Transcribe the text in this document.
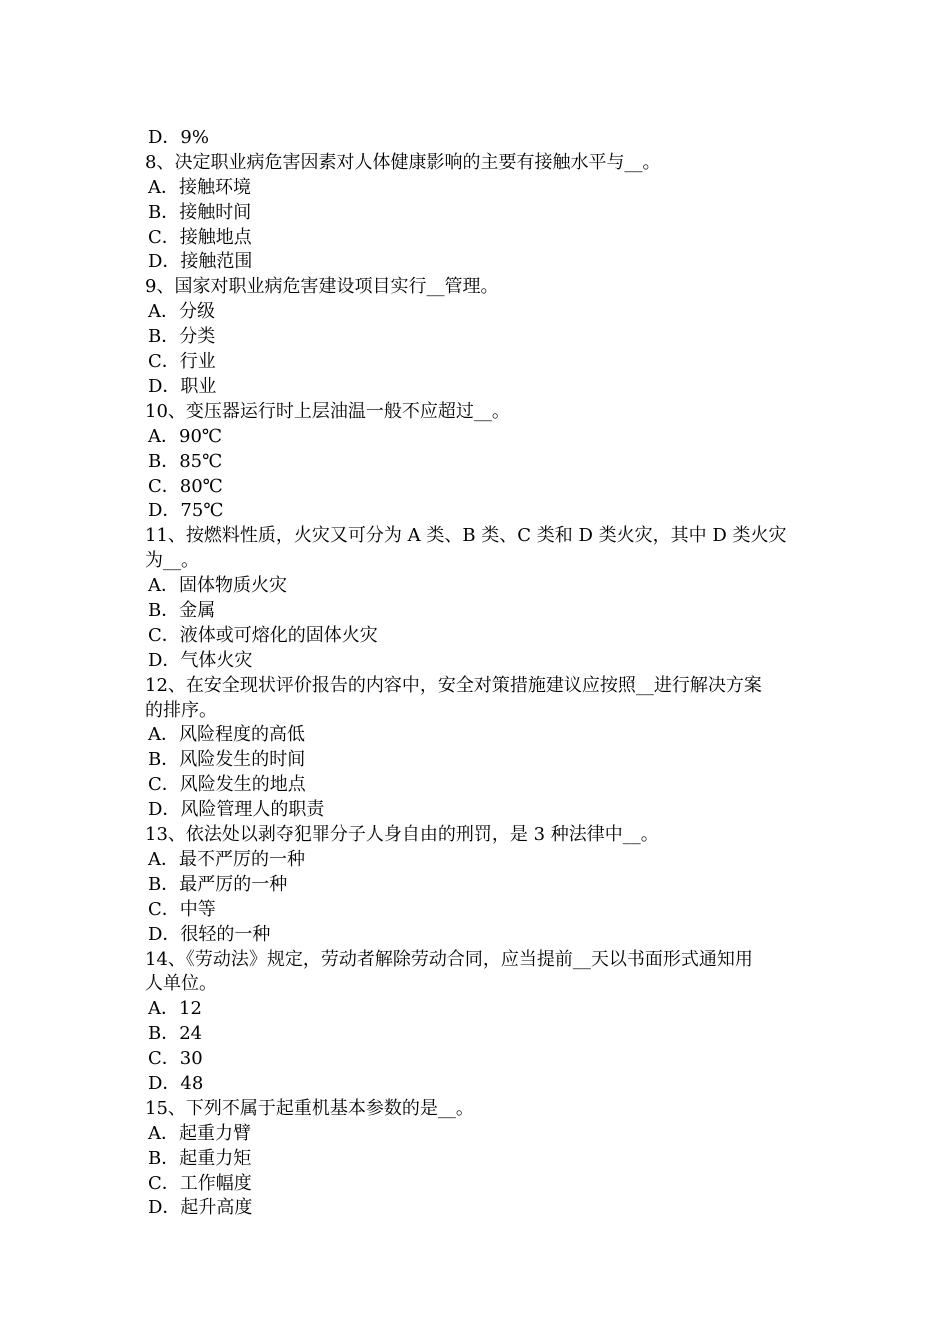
D．9%
8、决定职业病危害因素对人体健康影响的主要有接触水平与__。
A．接触环境
B．接触时间
C．接触地点
D．接触范围
9、国家对职业病危害建设项目实行__管理。
A．分级
B．分类
C．行业
D．职业
10、变压器运行时上层油温一般不应超过__。
A．90℃
B．85℃
C．80℃
D．75℃
11、按燃料性质，火灾又可分为 A 类、B 类、C 类和 D 类火灾，其中 D 类火灾
为__。
A．固体物质火灾
B．金属
C．液体或可熔化的固体火灾
D．气体火灾
12、在安全现状评价报告的内容中，安全对策措施建议应按照__进行解决方案
的排序。
A．风险程度的高低
B．风险发生的时间
C．风险发生的地点
D．风险管理人的职责
13、依法处以剥夺犯罪分子人身自由的刑罚，是 3 种法律中__。
A．最不严厉的一种
B．最严厉的一种
C．中等
D．很轻的一种
14、《劳动法》规定，劳动者解除劳动合同，应当提前__天以书面形式通知用
人单位。
A．12
B．24
C．30
D．48
15、下列不属于起重机基本参数的是__。
A．起重力臂
B．起重力矩
C．工作幅度
D．起升高度
